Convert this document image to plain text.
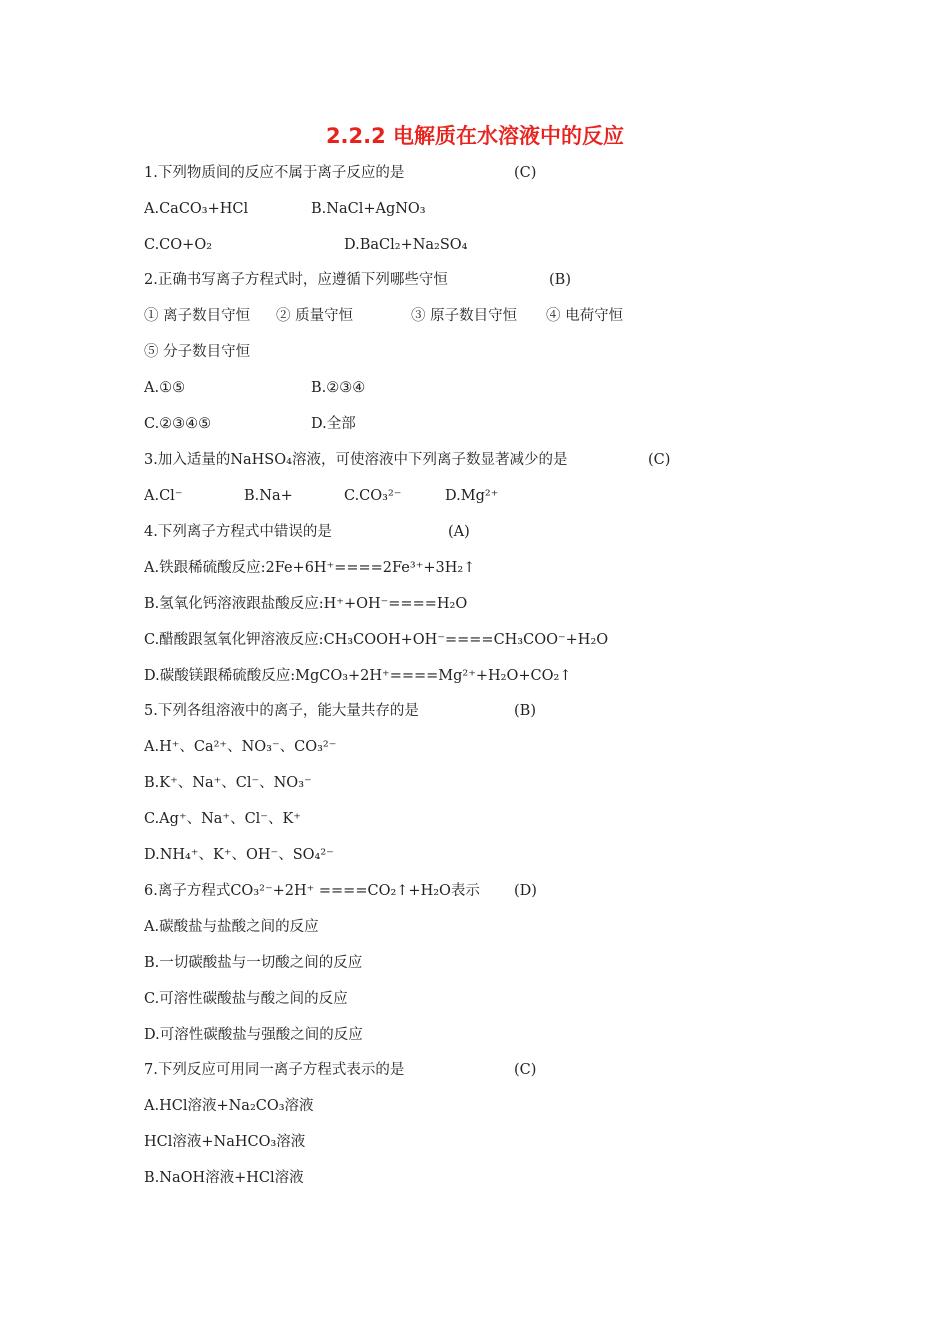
2.2.2 电解质在水溶液中的反应
1.下列物质间的反应不属于离子反应的是	(C)
A.CaCO₃+HCl	B.NaCl+AgNO₃
C.CO+O₂	D.BaCl₂+Na₂SO₄
2.正确书写离子方程式时，应遵循下列哪些守恒	(B)
① 离子数目守恒 ② 质量守恒	③ 原子数目守恒 ④ 电荷守恒
⑤ 分子数目守恒
A.①⑤	B.②③④
C.②③④⑤	D.全部
3.加入适量的NaHSO₄溶液，可使溶液中下列离子数显著减少的是	(C)
A.Cl⁻	B.Na+	C.CO₃²⁻	D.Mg²⁺
4.下列离子方程式中错误的是	(A)
A.铁跟稀硫酸反应:2Fe+6H⁺====2Fe³⁺+3H₂↑
B.氢氧化钙溶液跟盐酸反应:H⁺+OH⁻====H₂O
C.醋酸跟氢氧化钾溶液反应:CH₃COOH+OH⁻====CH₃COO⁻+H₂O
D.碳酸镁跟稀硫酸反应:MgCO₃+2H⁺====Mg²⁺+H₂O+CO₂↑
5.下列各组溶液中的离子，能大量共存的是	(B)
A.H⁺、Ca²⁺、NO₃⁻、CO₃²⁻
B.K⁺、Na⁺、Cl⁻、NO₃⁻
C.Ag⁺、Na⁺、Cl⁻、K⁺
D.NH₄⁺、K⁺、OH⁻、SO₄²⁻
6.离子方程式CO₃²⁻+2H⁺ ====CO₂↑+H₂O表示 (D)
A.碳酸盐与盐酸之间的反应
B.一切碳酸盐与一切酸之间的反应
C.可溶性碳酸盐与酸之间的反应
D.可溶性碳酸盐与强酸之间的反应
7.下列反应可用同一离子方程式表示的是	(C)
A.HCl溶液+Na₂CO₃溶液
HCl溶液+NaHCO₃溶液
B.NaOH溶液+HCl溶液
